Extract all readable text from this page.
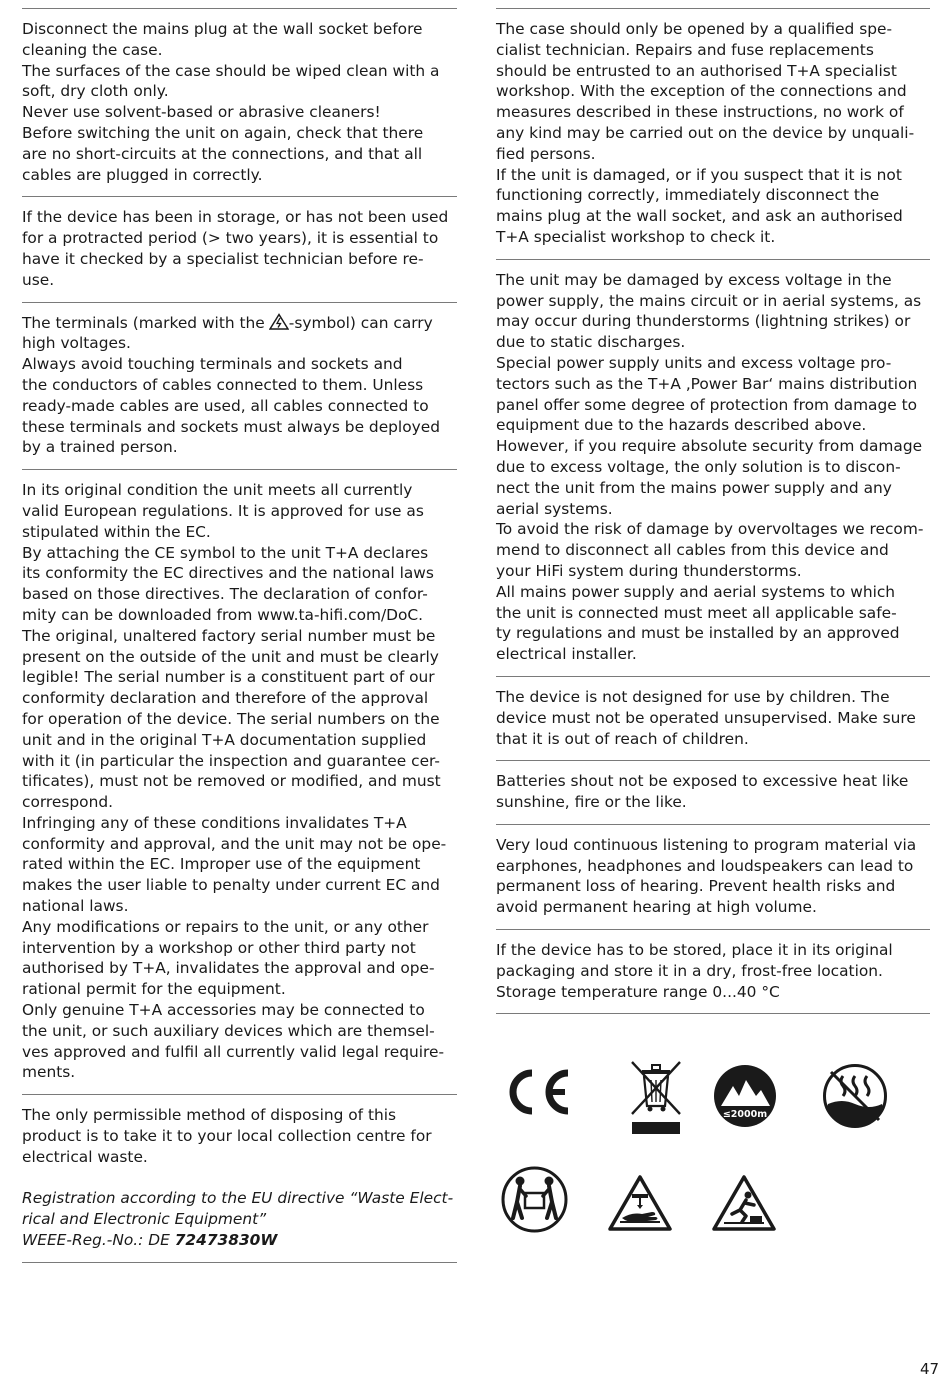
Disconnect the mains plug at the wall socket before
cleaning the case.
The surfaces of the case should be wiped clean with a
soft, dry cloth only.
Never use solvent-based or abrasive cleaners!
Before switching the unit on again, check that there
are no short-circuits at the connections, and that all
cables are plugged in correctly.
If the device has been in storage, or has not been used
for a protracted period (> two years), it is essential to
have it checked by a specialist technician before re-
use.
The terminals (marked with the -symbol) can carry
high voltages.
Always avoid touching terminals and sockets and
the conductors of cables connected to them. Unless
ready-made cables are used, all cables connected to
these terminals and sockets must always be deployed
by a trained person.
In its original condition the unit meets all currently
valid European regulations. It is approved for use as
stipulated within the EC.
By attaching the CE symbol to the unit T+A declares
its conformity the EC directives and the national laws
based on those directives. The declaration of confor-
mity can be downloaded from www.ta-hifi.com/DoC.
The original, unaltered factory serial number must be
present on the outside of the unit and must be clearly
legible! The serial number is a constituent part of our
conformity declaration and therefore of the approval
for operation of the device. The serial numbers on the
unit and in the original T+A documentation supplied
with it (in particular the inspection and guarantee cer-
tificates), must not be removed or modified, and must
correspond.
Infringing any of these conditions invalidates T+A
conformity and approval, and the unit may not be ope-
rated within the EC. Improper use of the equipment
makes the user liable to penalty under current EC and
national laws.
Any modifications or repairs to the unit, or any other
intervention by a workshop or other third party not
authorised by T+A, invalidates the approval and ope-
rational permit for the equipment.
Only genuine T+A accessories may be connected to
the unit, or such auxiliary devices which are themsel-
ves approved and fulfil all currently valid legal require-
ments.
The only permissible method of disposing of this
product is to take it to your local collection centre for
electrical waste.
Registration according to the EU directive “Waste Elect-
rical and Electronic Equipment”
WEEE-Reg.-No.: DE 72473830W
The case should only be opened by a qualified spe-
cialist technician. Repairs and fuse replacements
should be entrusted to an authorised T+A specialist
workshop. With the exception of the connections and
measures described in these instructions, no work of
any kind may be carried out on the device by unquali-
fied persons.
If the unit is damaged, or if you suspect that it is not
functioning correctly, immediately disconnect the
mains plug at the wall socket, and ask an authorised
T+A specialist workshop to check it.
The unit may be damaged by excess voltage in the
power supply, the mains circuit or in aerial systems, as
may occur during thunderstorms (lightning strikes) or
due to static discharges.
Special power supply units and excess voltage pro-
tectors such as the T+A ‚Power Bar‘ mains distribution
panel offer some degree of protection from damage to
equipment due to the hazards described above.
However, if you require absolute security from damage
due to excess voltage, the only solution is to discon-
nect the unit from the mains power supply and any
aerial systems.
To avoid the risk of damage by overvoltages we recom-
mend to disconnect all cables from this device and
your HiFi system during thunderstorms.
All mains power supply and aerial systems to which
the unit is connected must meet all applicable safe-
ty regulations and must be installed by an approved
electrical installer.
The device is not designed for use by children. The
device must not be operated unsupervised. Make sure
that it is out of reach of children.
Batteries shout not be exposed to excessive heat like
sunshine, fire or the like.
Very loud continuous listening to program material via
earphones, headphones and loudspeakers can lead to
permanent loss of hearing. Prevent health risks and
avoid permanent hearing at high volume.
If the device has to be stored, place it in its original
packaging and store it in a dry, frost-free location.
Storage temperature range 0...40 °C
≤2000m
47
